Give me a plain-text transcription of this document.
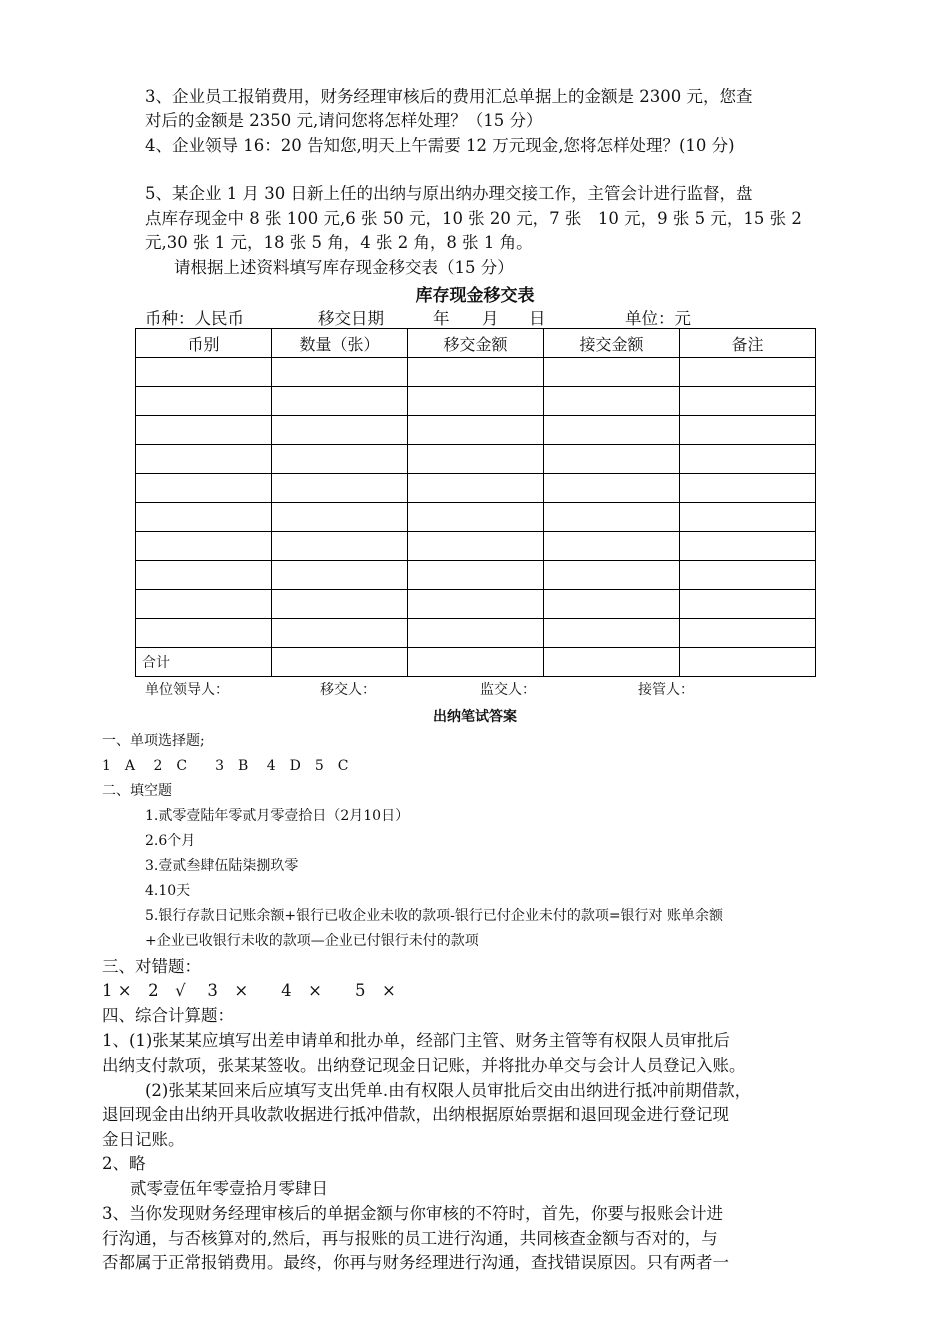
3、企业员工报销费用，财务经理审核后的费用汇总单据上的金额是 2300 元，您查

对后的金额是 2350 元,请问您将怎样处理？（15 分）

4、企业领导 16：20 告知您,明天上午需要 12 万元现金,您将怎样处理？(10 分)

5、某企业 1 月 30 日新上任的出纳与原出纳办理交接工作，主管会计进行监督，盘

点库存现金中 8 张 100 元,6 张 50 元，10 张 20 元，7 张　10 元，9 张 5 元，15 张 2

元,30 张 1 元，18 张 5 角，4 张 2 角，8 张 1 角。

请根据上述资料填写库存现金移交表（15 分）

库存现金移交表

币种：人民币	移交日期	年 月 日	单位：元

币别	数量（张）	移交金额	接交金额	备注

合计				

单位领导人：	移交人：	监交人：	接管人：

出纳笔试答案

一、单项选择题;

1　A　 2　C　　3　B　 4　D　5　C

二、填空题

1.贰零壹陆年零贰月零壹拾日（2月10日）

2.6个月

3.壹贰叁肆伍陆柒捌玖零

4.10天

5.银行存款日记账余额+银行已收企业未收的款项-银行已付企业未付的款项=银行对 账单余额

+企业已收银行未收的款项—企业已付银行未付的款项

三、对错题：

1 ×　2　√　 3　×　　4　×　　5　×

四、综合计算题：

1、(1)张某某应填写出差申请单和批办单，经部门主管、财务主管等有权限人员审批后

出纳支付款项，张某某签收。出纳登记现金日记账，并将批办单交与会计人员登记入账。

(2)张某某回来后应填写支出凭单.由有权限人员审批后交由出纳进行抵冲前期借款，

退回现金由出纳开具收款收据进行抵冲借款，出纳根据原始票据和退回现金进行登记现

金日记账。

2、略

贰零壹伍年零壹拾月零肆日

3、当你发现财务经理审核后的单据金额与你审核的不符时，首先，你要与报账会计进

行沟通，与否核算对的,然后，再与报账的员工进行沟通，共同核查金额与否对的，与

否都属于正常报销费用。最终，你再与财务经理进行沟通，查找错误原因。只有两者一
